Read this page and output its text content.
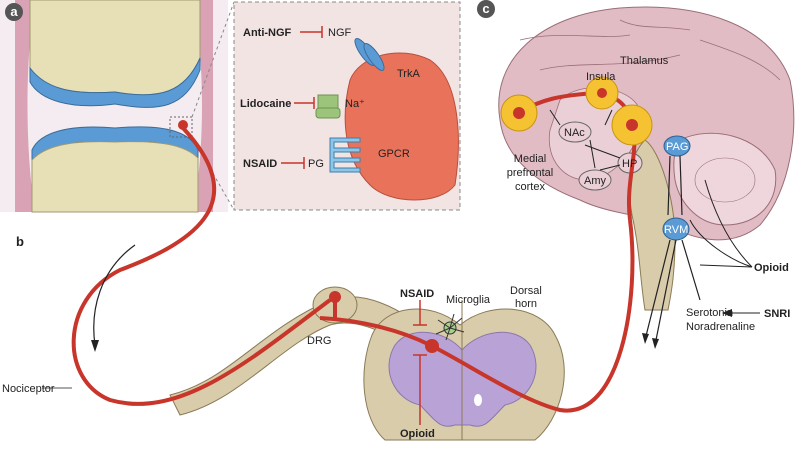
a
Anti-NGF	NGF
TrkA
Lidocaine	Na⁺
NSAID	PG
GPCR
b
NSAID Microglia
Dorsal
horn
DRG
Opioid
Nociceptor
c
Thalamus
Insula
NAc
HP
Amy
PAG
RVM
Medial
prefrontal
cortex
Opioid
Serotonin
Noradrenaline
SNRI
